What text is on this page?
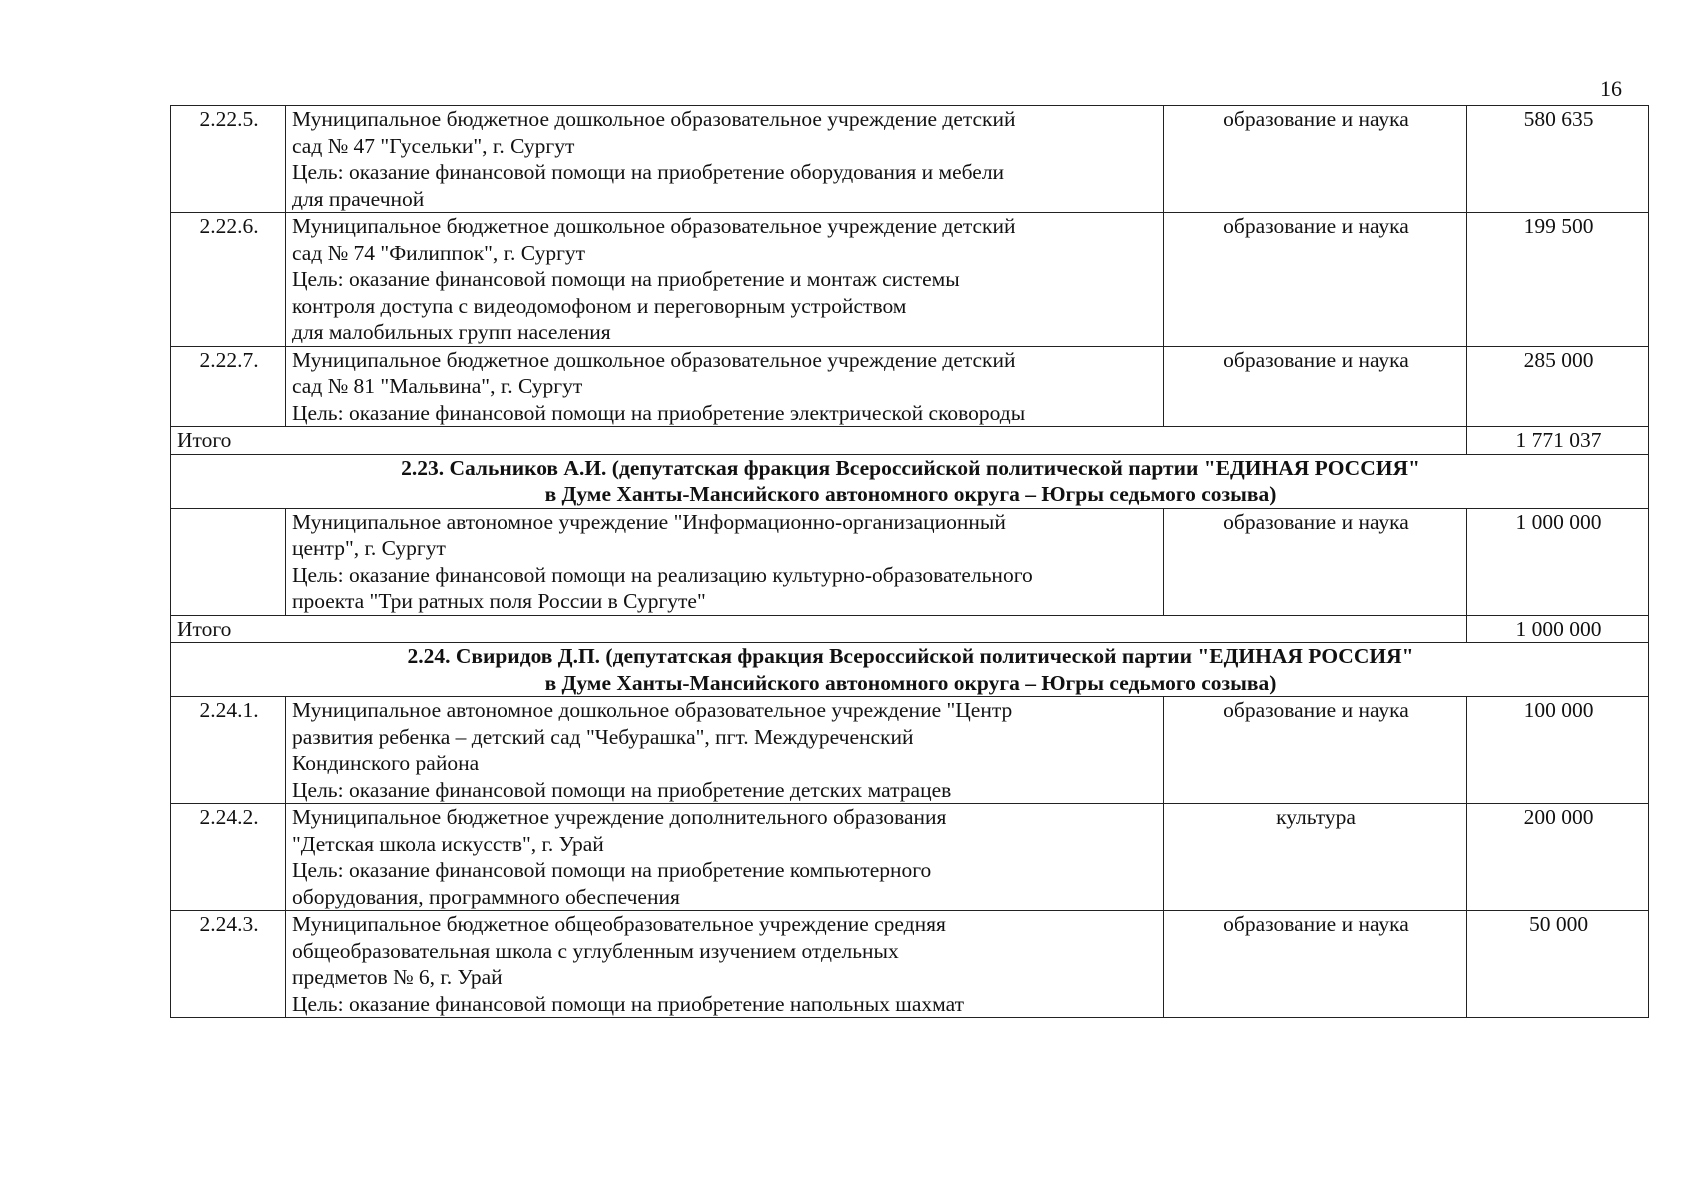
16
2.22.5.	Муниципальное бюджетное дошкольное образовательное учреждение детский
сад № 47 "Гусельки", г. Сургут
Цель: оказание финансовой помощи на приобретение оборудования и мебели
для прачечной	образование и наука	580 635
2.22.6.	Муниципальное бюджетное дошкольное образовательное учреждение детский
сад № 74 "Филиппок", г. Сургут
Цель: оказание финансовой помощи на приобретение и монтаж системы
контроля доступа с видеодомофоном и переговорным устройством
для малобильных групп населения	образование и наука	199 500
2.22.7.	Муниципальное бюджетное дошкольное образовательное учреждение детский
сад № 81 "Мальвина", г. Сургут
Цель: оказание финансовой помощи на приобретение электрической сковороды	образование и наука	285 000
Итого			1 771 037

2.23. Сальников А.И. (депутатская фракция Всероссийской политической партии "ЕДИНАЯ РОССИЯ"
в Думе Ханты-Мансийского автономного округа – Югры седьмого созыва)			

	Муниципальное автономное учреждение "Информационно-организационный
центр", г. Сургут
Цель: оказание финансовой помощи на реализацию культурно-образовательного
проекта "Три ратных поля России в Сургуте"	образование и наука	1 000 000
Итого			1 000 000

2.24. Свиридов Д.П. (депутатская фракция Всероссийской политической партии "ЕДИНАЯ РОССИЯ"
в Думе Ханты-Мансийского автономного округа – Югры седьмого созыва)			

2.24.1.	Муниципальное автономное дошкольное образовательное учреждение "Центр
развития ребенка – детский сад "Чебурашка", пгт. Междуреченский
Кондинского района
Цель: оказание финансовой помощи на приобретение детских матрацев	образование и наука	100 000
2.24.2.	Муниципальное бюджетное учреждение дополнительного образования
"Детская школа искусств", г. Урай
Цель: оказание финансовой помощи на приобретение компьютерного
оборудования, программного обеспечения	культура	200 000
2.24.3.	Муниципальное бюджетное общеобразовательное учреждение средняя
общеобразовательная школа с углубленным изучением отдельных
предметов № 6, г. Урай
Цель: оказание финансовой помощи на приобретение напольных шахмат	образование и наука	50 000
